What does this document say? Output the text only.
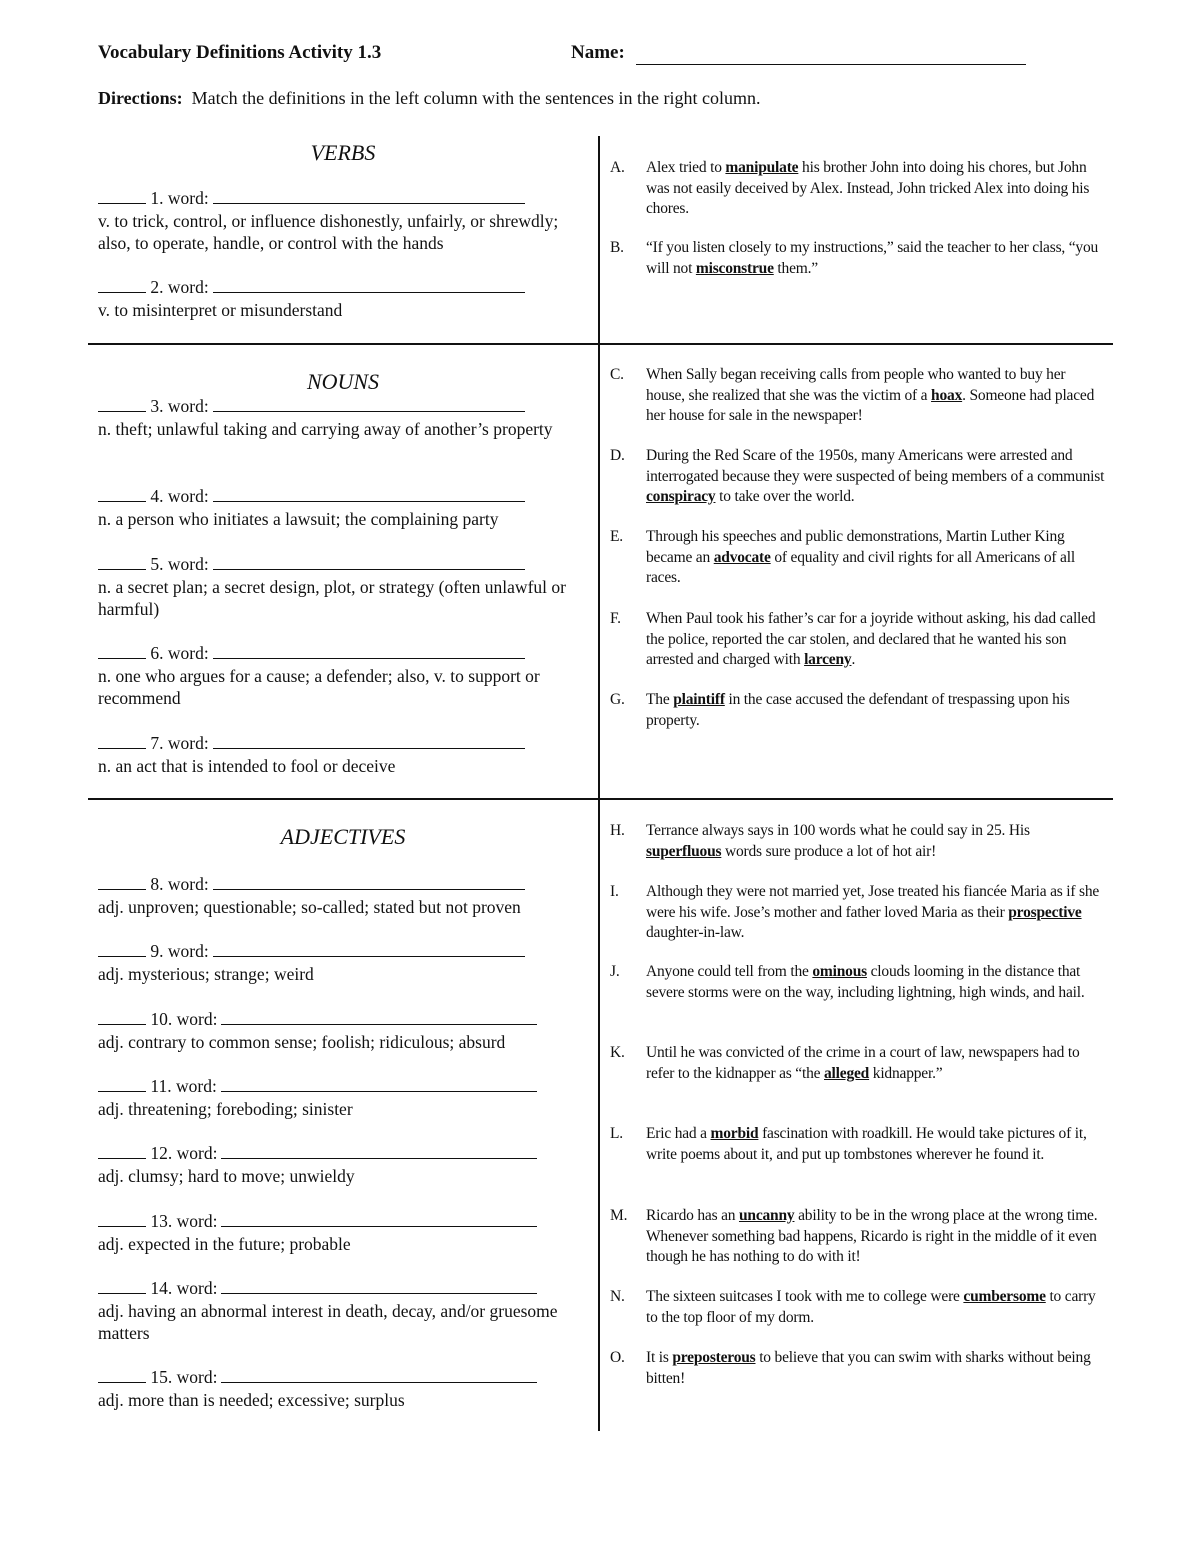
Vocabulary Definitions Activity 1.3	Name:
Directions: Match the definitions in the left column with the sentences in the right column.
VERBS
NOUNS
ADJECTIVES
1. word:
v. to trick, control, or influence dishonestly, unfairly, or shrewdly; also, to operate, handle, or control with the hands
2. word:
v. to misinterpret or misunderstand
3. word:
n. theft; unlawful taking and carrying away of another’s property
4. word:
n. a person who initiates a lawsuit; the complaining party
5. word:
n. a secret plan; a secret design, plot, or strategy (often unlawful or harmful)
6. word:
n. one who argues for a cause; a defender; also, v. to support or recommend
7. word:
n. an act that is intended to fool or deceive
8. word:
adj. unproven; questionable; so-called; stated but not proven
9. word:
adj. mysterious; strange; weird
10. word:
adj. contrary to common sense; foolish; ridiculous; absurd
11. word:
adj. threatening; foreboding; sinister
12. word:
adj. clumsy; hard to move; unwieldy
13. word:
adj. expected in the future; probable
14. word:
adj. having an abnormal interest in death, decay, and/or gruesome matters
15. word:
adj. more than is needed; excessive; surplus
A. Alex tried to manipulate his brother John into doing his chores, but John was not easily deceived by Alex. Instead, John tricked Alex into doing his chores.
B. “If you listen closely to my instructions,” said the teacher to her class, “you will not misconstrue them.”
C. When Sally began receiving calls from people who wanted to buy her house, she realized that she was the victim of a hoax. Someone had placed her house for sale in the newspaper!
D. During the Red Scare of the 1950s, many Americans were arrested and interrogated because they were suspected of being members of a communist conspiracy to take over the world.
E. Through his speeches and public demonstrations, Martin Luther King became an advocate of equality and civil rights for all Americans of all races.
F. When Paul took his father’s car for a joyride without asking, his dad called the police, reported the car stolen, and declared that he wanted his son arrested and charged with larceny.
G. The plaintiff in the case accused the defendant of trespassing upon his property.
H. Terrance always says in 100 words what he could say in 25. His superfluous words sure produce a lot of hot air!
I. Although they were not married yet, Jose treated his fiancée Maria as if she were his wife. Jose’s mother and father loved Maria as their prospective daughter-in-law.
J. Anyone could tell from the ominous clouds looming in the distance that severe storms were on the way, including lightning, high winds, and hail.
K. Until he was convicted of the crime in a court of law, newspapers had to refer to the kidnapper as “the alleged kidnapper.”
L. Eric had a morbid fascination with roadkill. He would take pictures of it, write poems about it, and put up tombstones wherever he found it.
M. Ricardo has an uncanny ability to be in the wrong place at the wrong time. Whenever something bad happens, Ricardo is right in the middle of it even though he has nothing to do with it!
N. The sixteen suitcases I took with me to college were cumbersome to carry to the top floor of my dorm.
O. It is preposterous to believe that you can swim with sharks without being bitten!
